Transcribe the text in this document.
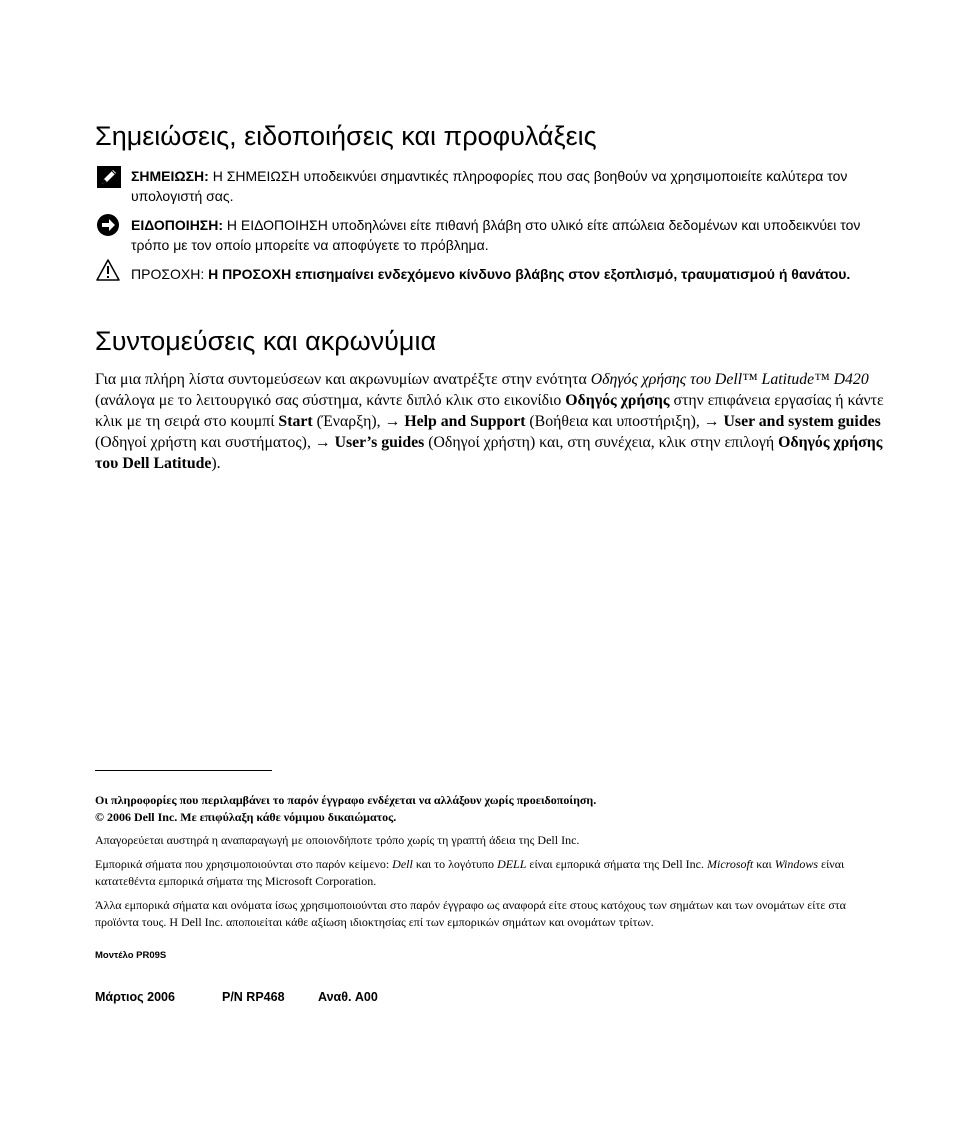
Σημειώσεις, ειδοποιήσεις και προφυλάξεις
ΣΗΜΕΙΩΣΗ: Η ΣΗΜΕΙΩΣΗ υποδεικνύει σημαντικές πληροφορίες που σας βοηθούν να χρησιμοποιείτε καλύτερα τον υπολογιστή σας.
ΕΙΔΟΠΟΙΗΣΗ: Η ΕΙΔΟΠΟΙΗΣΗ υποδηλώνει είτε πιθανή βλάβη στο υλικό είτε απώλεια δεδομένων και υποδεικνύει τον τρόπο με τον οποίο μπορείτε να αποφύγετε το πρόβλημα.
ΠΡΟΣΟΧΗ: Η ΠΡΟΣΟΧΗ επισημαίνει ενδεχόμενο κίνδυνο βλάβης στον εξοπλισμό, τραυματισμού ή θανάτου.
Συντομεύσεις και ακρωνύμια
Για μια πλήρη λίστα συντομεύσεων και ακρωνυμίων ανατρέξτε στην ενότητα Οδηγός χρήσης του Dell™ Latitude™ D420 (ανάλογα με το λειτουργικό σας σύστημα, κάντε διπλό κλικ στο εικονίδιο Οδηγός χρήσης στην επιφάνεια εργασίας ή κάντε κλικ με τη σειρά στο κουμπί Start (Έναρξη), → Help and Support (Βοήθεια και υποστήριξη), → User and system guides (Οδηγοί χρήστη και συστήματος), → User’s guides (Οδηγοί χρήστη) και, στη συνέχεια, κλικ στην επιλογή Οδηγός χρήσης του Dell Latitude).
Οι πληροφορίες που περιλαμβάνει το παρόν έγγραφο ενδέχεται να αλλάξουν χωρίς προειδοποίηση.
© 2006 Dell Inc. Με επιφύλαξη κάθε νόμιμου δικαιώματος.
Απαγορεύεται αυστηρά η αναπαραγωγή με οποιονδήποτε τρόπο χωρίς τη γραπτή άδεια της Dell Inc.
Εμπορικά σήματα που χρησιμοποιούνται στο παρόν κείμενο: Dell και το λογότυπο DELL είναι εμπορικά σήματα της Dell Inc. Microsoft και Windows είναι κατατεθέντα εμπορικά σήματα της Microsoft Corporation.
Άλλα εμπορικά σήματα και ονόματα ίσως χρησιμοποιούνται στο παρόν έγγραφο ως αναφορά είτε στους κατόχους των σημάτων και των ονομάτων είτε στα προϊόντα τους. Η Dell Inc. αποποιείται κάθε αξίωση ιδιοκτησίας επί των εμπορικών σημάτων και ονομάτων τρίτων.
Μοντέλο PR09S
Μάρτιος 2006	P/N RP468	Αναθ. A00
